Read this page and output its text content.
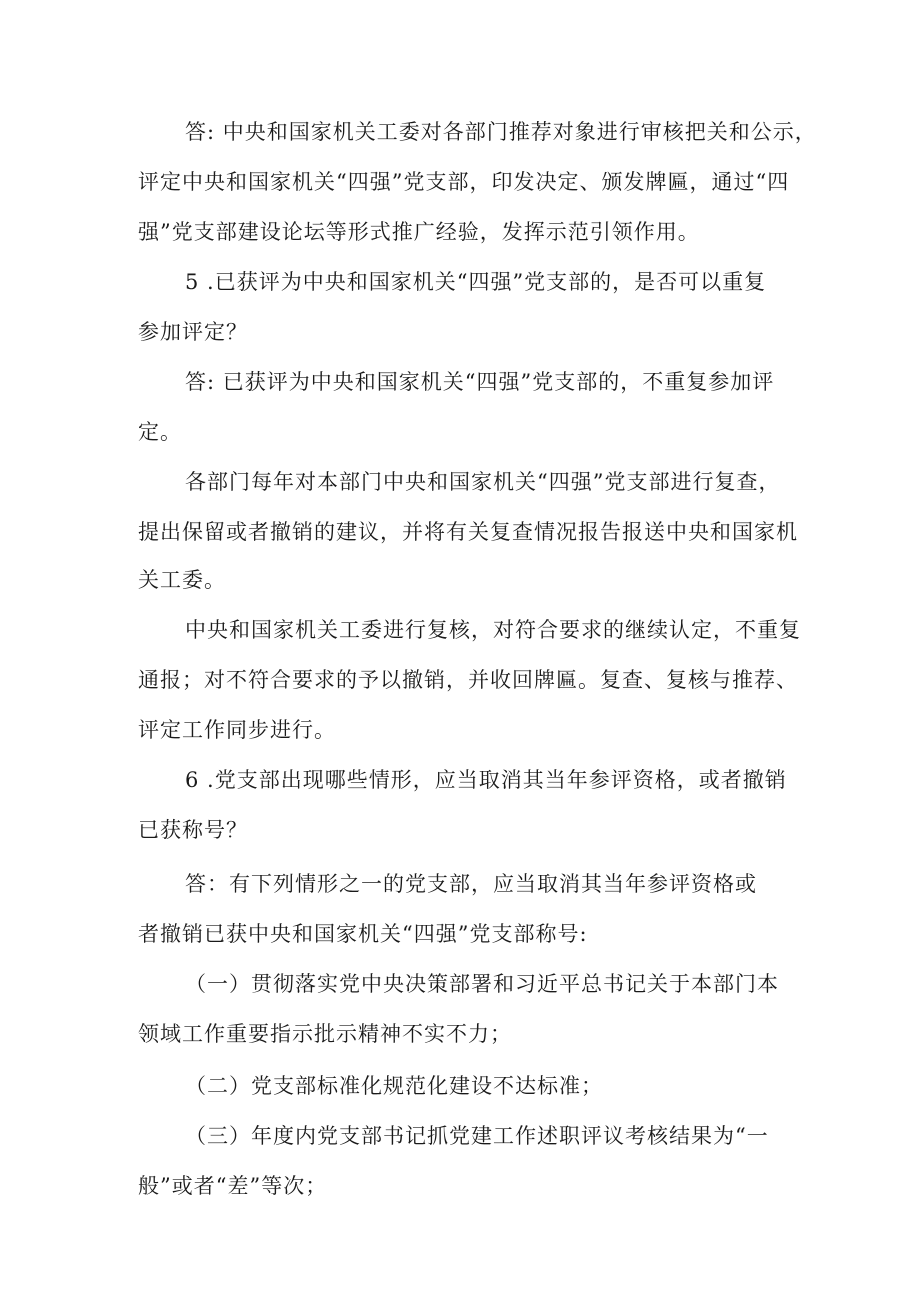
答: 中央和国家机关工委对各部门推荐对象进行审核把关和公示，
评定中央和国家机关“四强”党支部，印发决定、颁发牌匾，通过“四
强”党支部建设论坛等形式推广经验，发挥示范引领作用。
5 .已获评为中央和国家机关“四强”党支部的，是否可以重复
参加评定？
答: 已获评为中央和国家机关“四强”党支部的，不重复参加评
定。
各部门每年对本部门中央和国家机关“四强”党支部进行复查，
提出保留或者撤销的建议，并将有关复查情况报告报送中央和国家机
关工委。
中央和国家机关工委进行复核，对符合要求的继续认定，不重复
通报；对不符合要求的予以撤销，并收回牌匾。复查、复核与推荐、
评定工作同步进行。
6 .党支部出现哪些情形，应当取消其当年参评资格，或者撤销
已获称号？
答：有下列情形之一的党支部，应当取消其当年参评资格或
者撤销已获中央和国家机关“四强”党支部称号:
（一）贯彻落实党中央决策部署和习近平总书记关于本部门本
领域工作重要指示批示精神不实不力；
（二）党支部标准化规范化建设不达标准；
（三）年度内党支部书记抓党建工作述职评议考核结果为“一
般”或者“差”等次；
